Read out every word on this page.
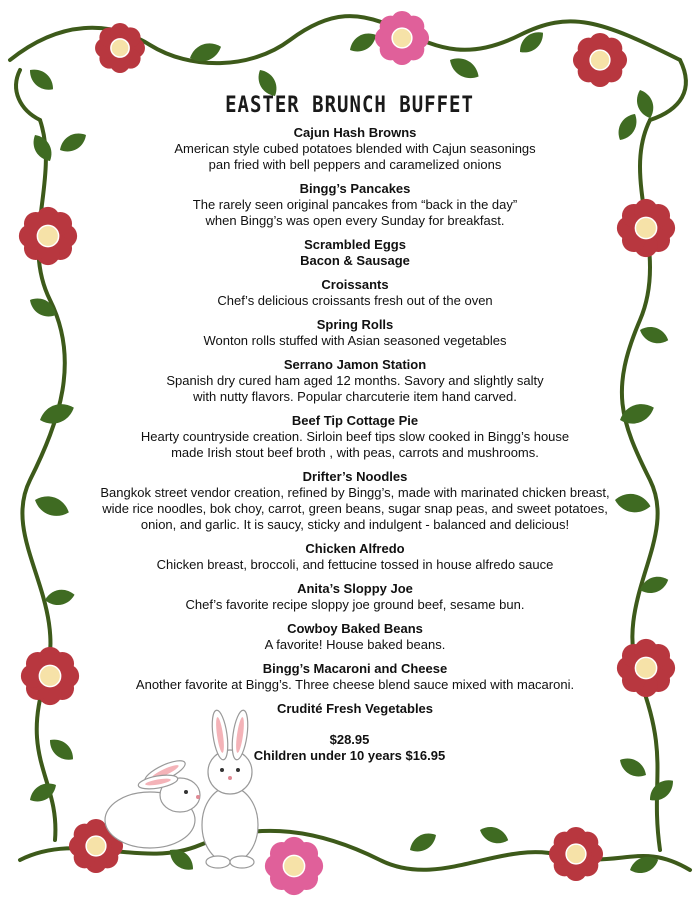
EASTER BRUNCH BUFFET
Cajun Hash Browns
American style cubed potatoes blended with Cajun seasonings
pan fried with bell peppers and caramelized onions
Bingg’s Pancakes
The rarely seen original pancakes from “back in the day”
when Bingg’s was open every Sunday for breakfast.
Scrambled Eggs
Bacon & Sausage
Croissants
Chef’s delicious croissants fresh out of the oven
Spring Rolls
Wonton rolls stuffed with Asian seasoned vegetables
Serrano Jamon Station
Spanish dry cured ham aged 12 months. Savory and slightly salty
with nutty flavors. Popular charcuterie item hand carved.
Beef Tip Cottage Pie
Hearty countryside creation. Sirloin beef tips slow cooked in Bingg’s house
made Irish stout beef broth , with peas, carrots and mushrooms.
Drifter’s Noodles
Bangkok street vendor creation, refined by Bingg’s, made with marinated chicken breast,
wide rice noodles, bok choy, carrot, green beans, sugar snap peas, and sweet potatoes,
onion, and garlic. It is saucy, sticky and indulgent - balanced and delicious!
Chicken Alfredo
Chicken breast, broccoli, and fettucine tossed in house alfredo sauce
Anita’s Sloppy Joe
Chef’s favorite recipe sloppy joe ground beef, sesame bun.
Cowboy Baked Beans
A favorite! House baked beans.
Bingg’s Macaroni and Cheese
Another favorite at Bingg’s. Three cheese blend sauce mixed with macaroni.
Crudité Fresh Vegetables
$28.95
Children under 10 years $16.95
